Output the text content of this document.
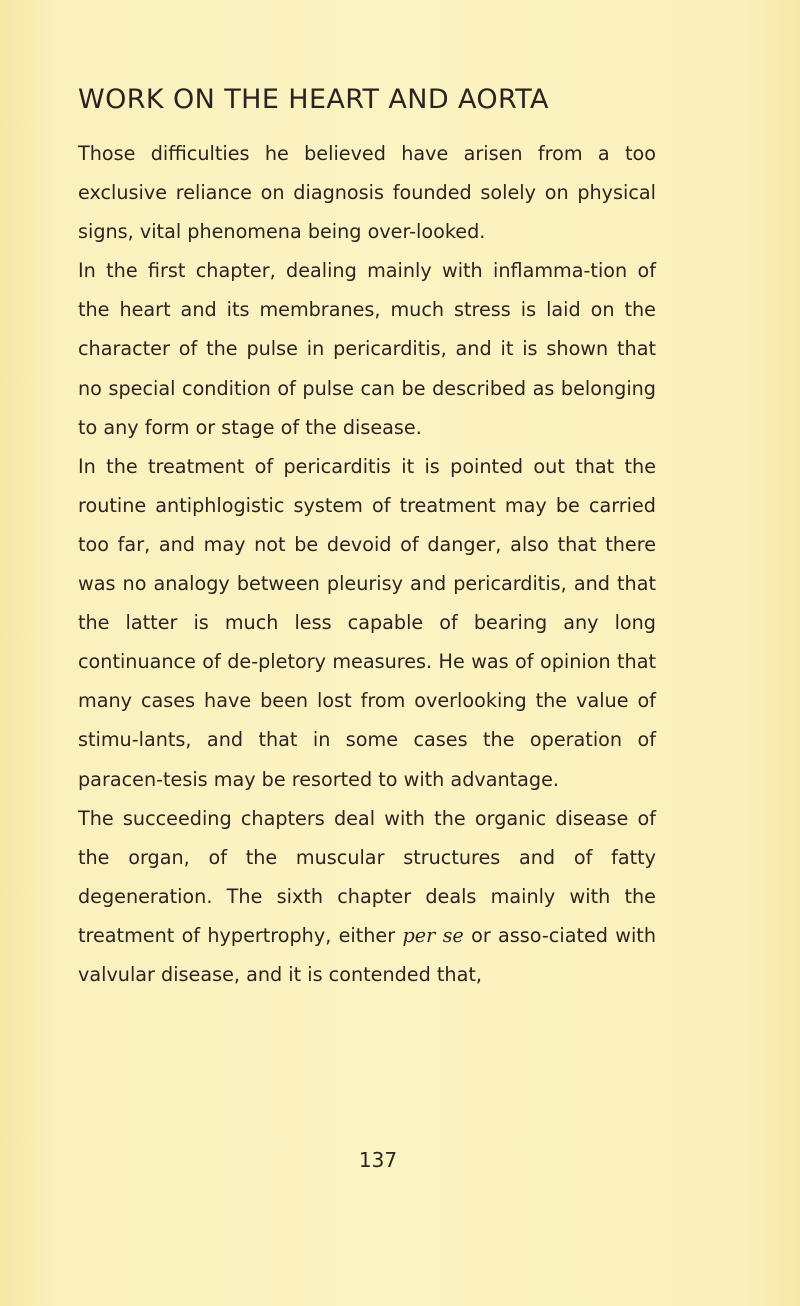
WORK ON THE HEART AND AORTA

Those difficulties he believed have arisen from a too exclusive reliance on diagnosis founded solely on physical signs, vital phenomena being over-looked.

In the first chapter, dealing mainly with inflamma-tion of the heart and its membranes, much stress is laid on the character of the pulse in pericarditis, and it is shown that no special condition of pulse can be described as belonging to any form or stage of the disease.

In the treatment of pericarditis it is pointed out that the routine antiphlogistic system of treatment may be carried too far, and may not be devoid of danger, also that there was no analogy between pleurisy and pericarditis, and that the latter is much less capable of bearing any long continuance of de-pletory measures. He was of opinion that many cases have been lost from overlooking the value of stimu-lants, and that in some cases the operation of paracen-tesis may be resorted to with advantage.

The succeeding chapters deal with the organic disease of the organ, of the muscular structures and of fatty degeneration. The sixth chapter deals mainly with the treatment of hypertrophy, either per se or asso-ciated with valvular disease, and it is contended that,

137
